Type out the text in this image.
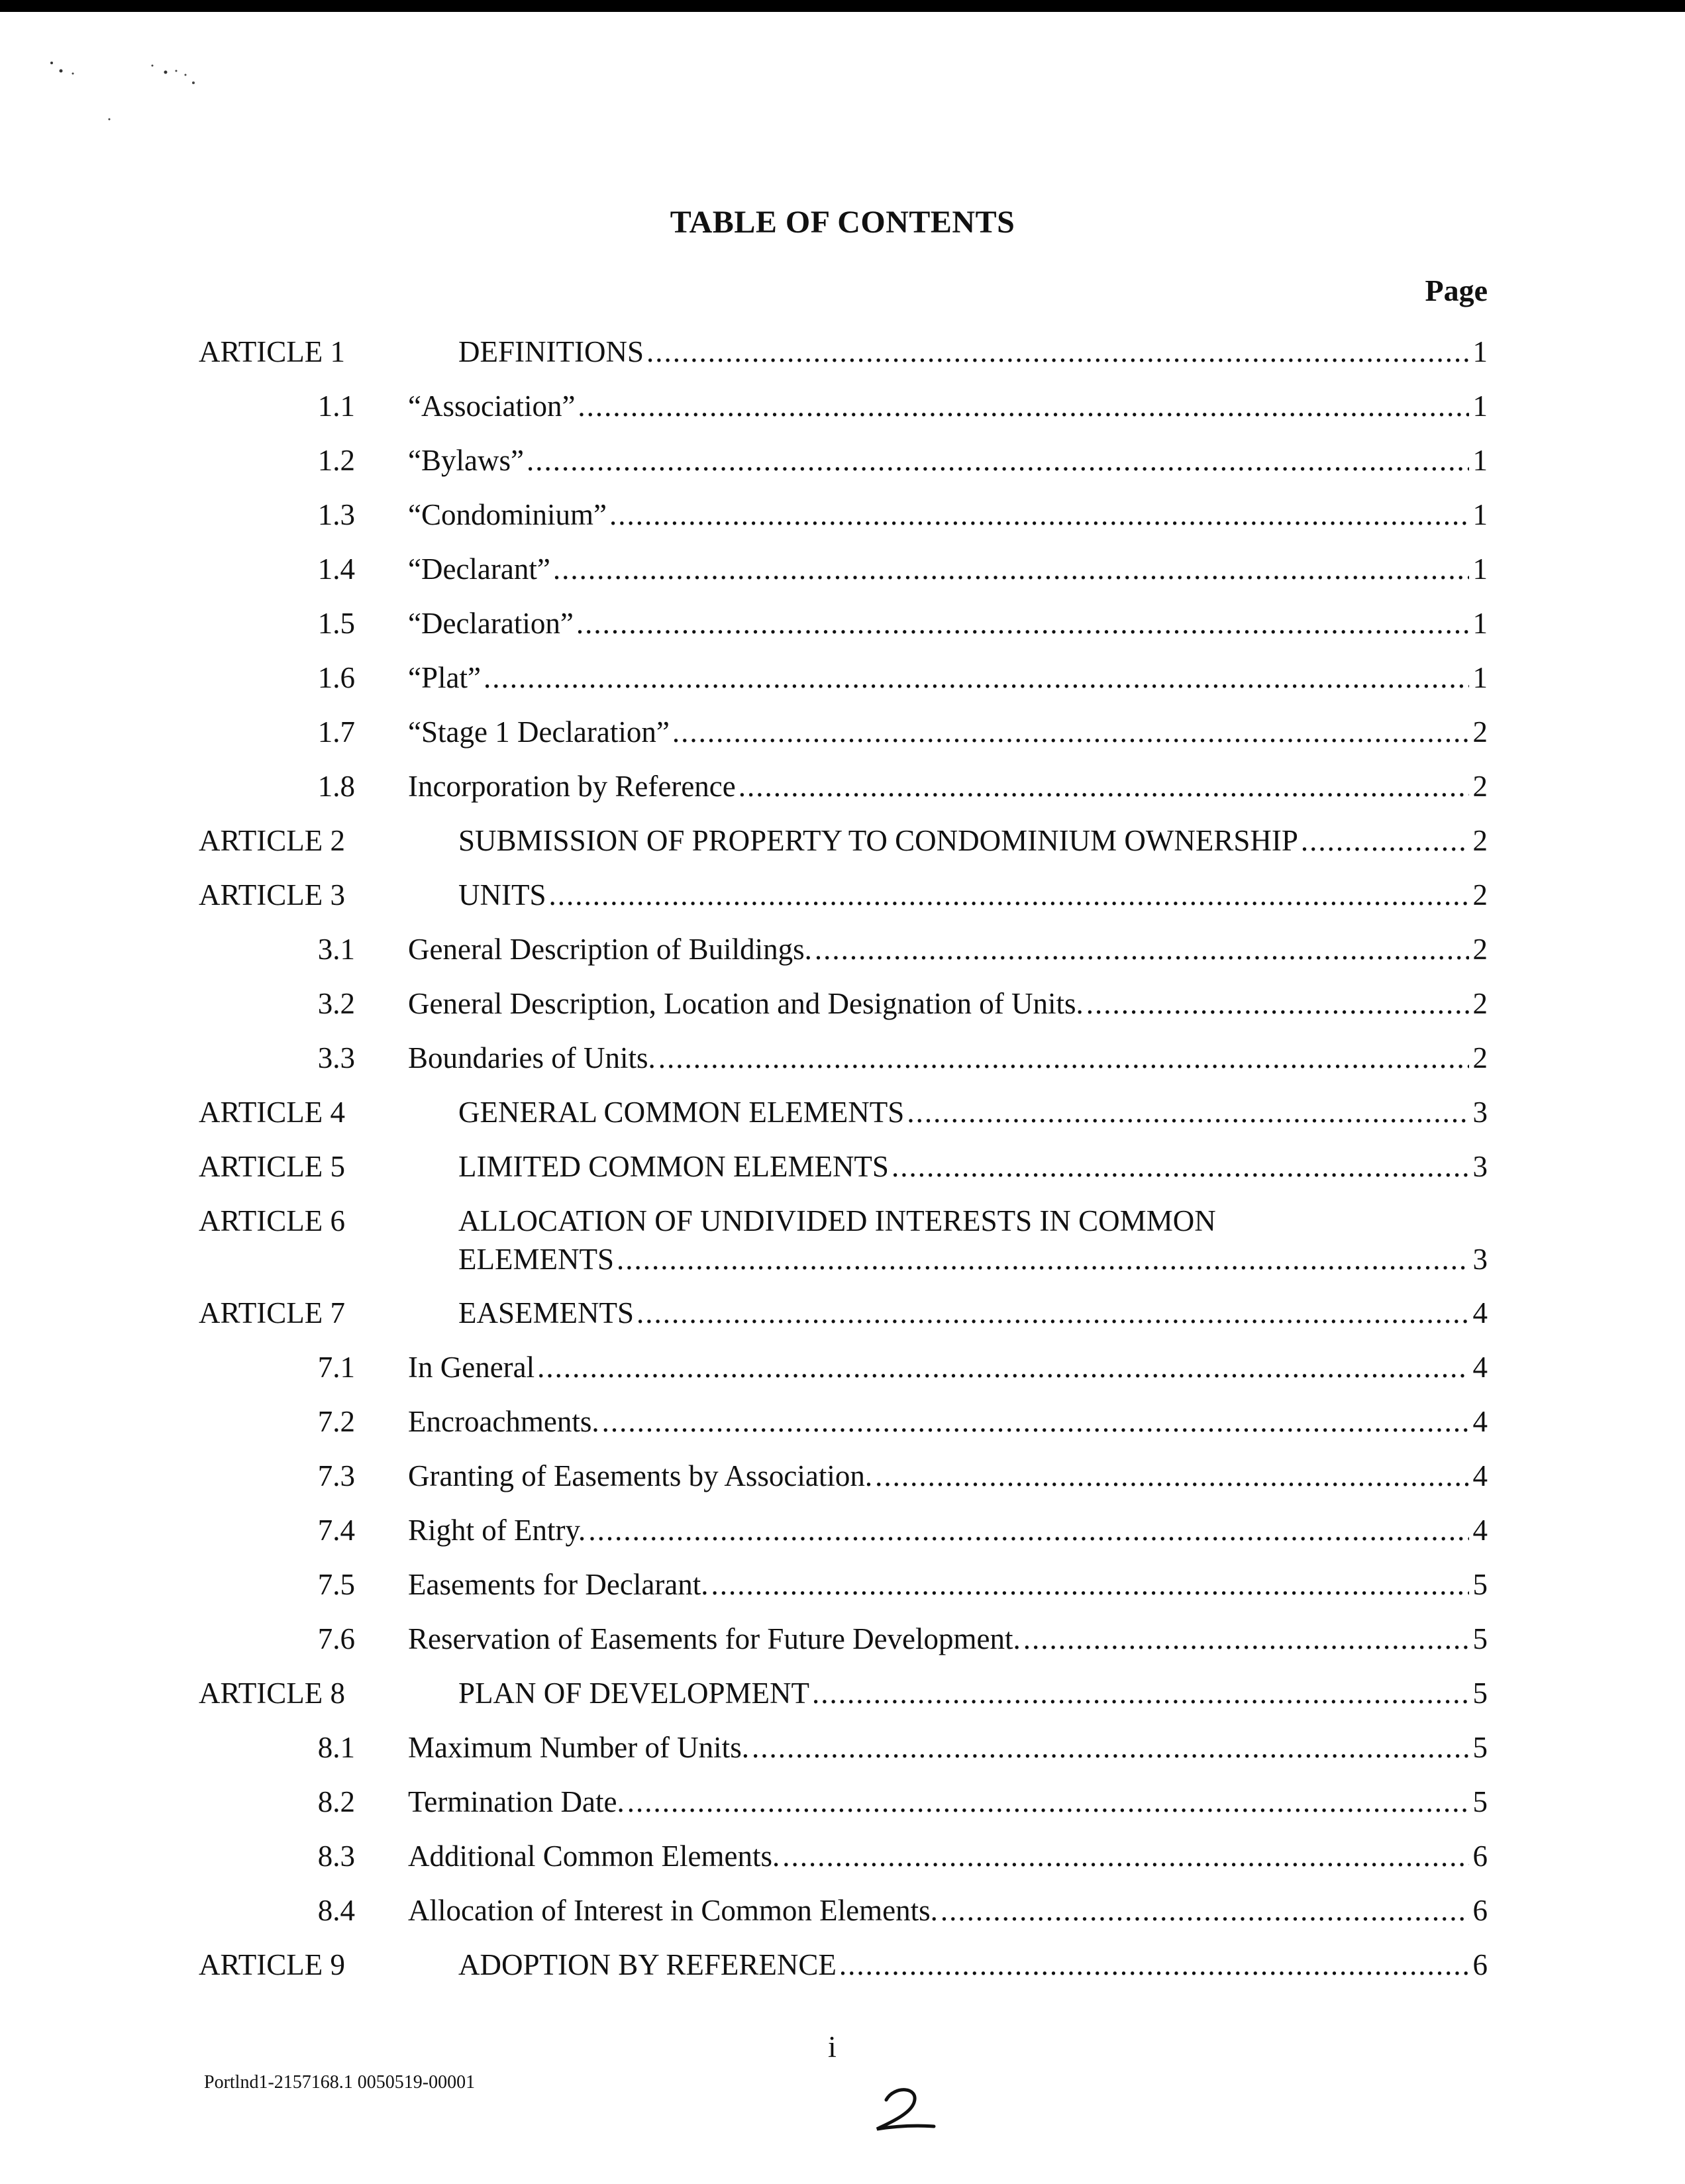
TABLE OF CONTENTS
Page
ARTICLE 1	DEFINITIONS .....	1
1.1 “Association” .....	1
1.2 “Bylaws” .....	1
1.3 “Condominium” .....	1
1.4 “Declarant” .....	1
1.5 “Declaration” .....	1
1.6 “Plat” .....	1
1.7 “Stage 1 Declaration” .....	2
1.8 Incorporation by Reference .....	2
ARTICLE 2	SUBMISSION OF PROPERTY TO CONDOMINIUM OWNERSHIP .....	2
ARTICLE 3	UNITS .....	2
3.1 General Description of Buildings. .....	2
3.2 General Description, Location and Designation of Units. .....	2
3.3 Boundaries of Units. .....	2
ARTICLE 4	GENERAL COMMON ELEMENTS .....	3
ARTICLE 5	LIMITED COMMON ELEMENTS .....	3
ARTICLE 6	ALLOCATION OF UNDIVIDED INTERESTS IN COMMON
ELEMENTS .....	3
ARTICLE 7	EASEMENTS .....	4
7.1 In General .....	4
7.2 Encroachments. .....	4
7.3 Granting of Easements by Association. .....	4
7.4 Right of Entry. .....	4
7.5 Easements for Declarant. .....	5
7.6 Reservation of Easements for Future Development. .....	5
ARTICLE 8	PLAN OF DEVELOPMENT .....	5
8.1 Maximum Number of Units. .....	5
8.2 Termination Date. .....	5
8.3 Additional Common Elements. .....	6
8.4 Allocation of Interest in Common Elements. .....	6
ARTICLE 9	ADOPTION BY REFERENCE .....	6
i
Portlnd1-2157168.1 0050519-00001
